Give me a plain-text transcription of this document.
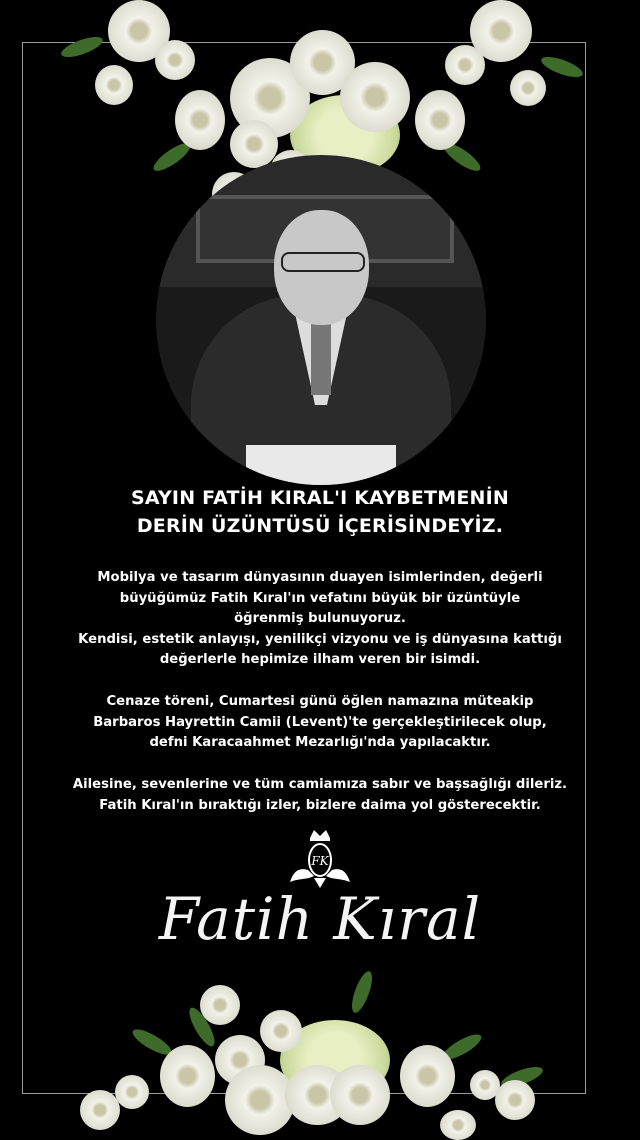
SAYIN FATİH KIRAL'I KAYBETMENİN
DERİN ÜZÜNTÜSÜ İÇERİSİNDEYİZ.
Mobilya ve tasarım dünyasının duayen isimlerinden, değerli
büyüğümüz Fatih Kıral'ın vefatını büyük bir üzüntüyle
öğrenmiş bulunuyoruz.
Kendisi, estetik anlayışı, yenilikçi vizyonu ve iş dünyasına kattığı
değerlerle hepimize ilham veren bir isimdi.
Cenaze töreni, Cumartesi günü öğlen namazına müteakip
Barbaros Hayrettin Camii (Levent)'te gerçekleştirilecek olup,
defni Karacaahmet Mezarlığı'nda yapılacaktır.
Ailesine, sevenlerine ve tüm camiamıza sabır ve başsağlığı dileriz.
Fatih Kıral'ın bıraktığı izler, bizlere daima yol gösterecektir.
FK
Fatih Kıral
